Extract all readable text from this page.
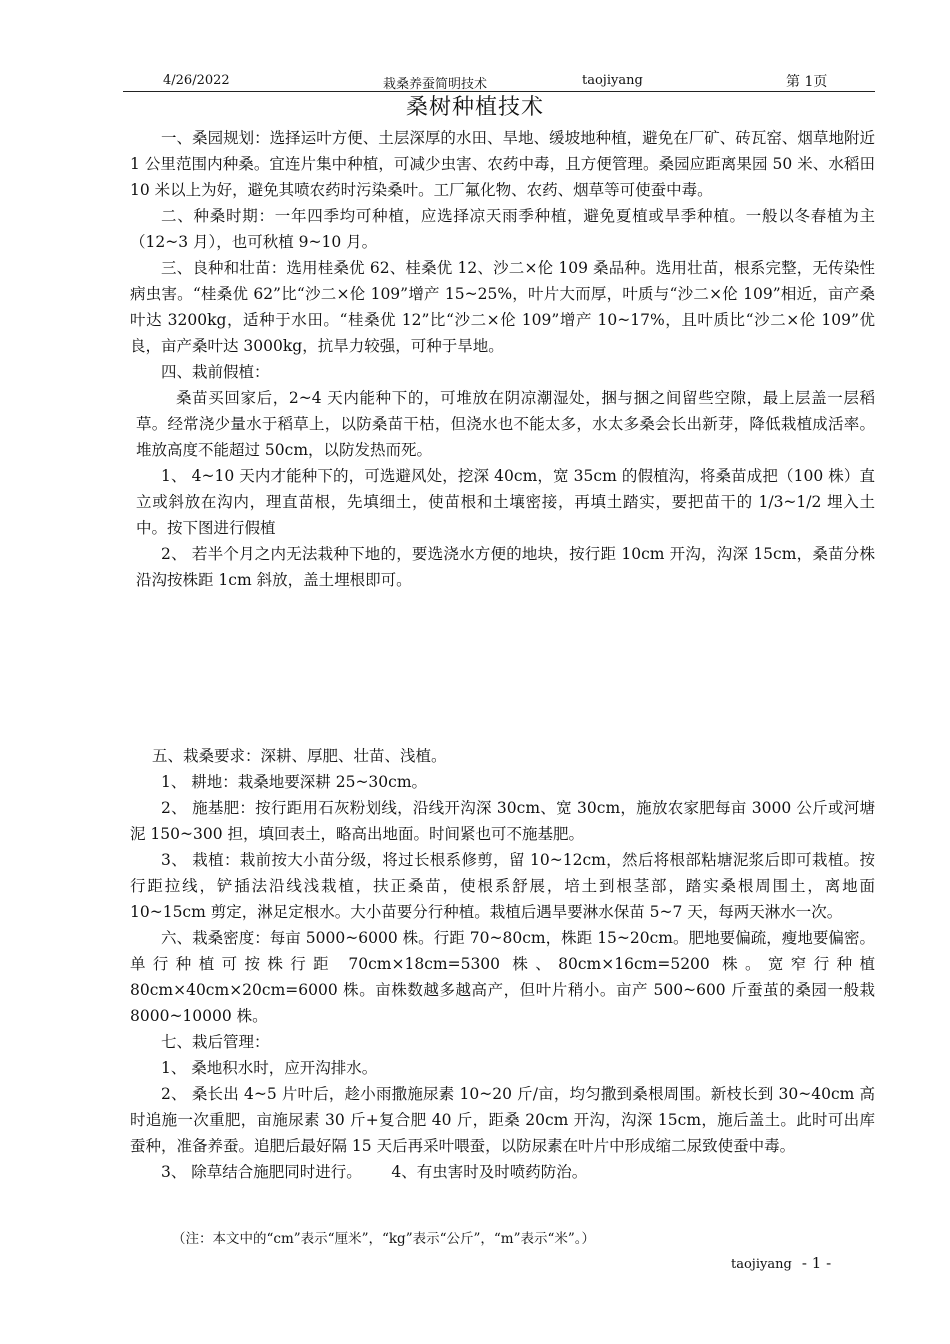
4/26/2022	栽桑养蚕简明技术	taojiyang	第 1页
桑树种植技术

一、桑园规划：选择运叶方便、土层深厚的水田、旱地、缓坡地种植，避免在厂矿、砖瓦窑、烟草地附近 1 公里范围内种桑。宜连片集中种植，可减少虫害、农药中毒，且方便管理。桑园应距离果园 50 米、水稻田 10 米以上为好，避免其喷农药时污染桑叶。工厂氟化物、农药、烟草等可使蚕中毒。

二、种桑时期：一年四季均可种植，应选择凉天雨季种植，避免夏植或旱季种植。一般以冬春植为主（12~3 月），也可秋植 9~10 月。

三、良种和壮苗：选用桂桑优 62、桂桑优 12、沙二×伦 109 桑品种。选用壮苗，根系完整，无传染性病虫害。“桂桑优 62”比“沙二×伦 109”增产 15~25%，叶片大而厚，叶质与“沙二×伦 109”相近，亩产桑叶达 3200kg，适种于水田。“桂桑优 12”比“沙二×伦 109”增产 10~17%，且叶质比“沙二×伦 109”优良，亩产桑叶达 3000kg，抗旱力较强，可种于旱地。

四、栽前假植：

桑苗买回家后，2~4 天内能种下的，可堆放在阴凉潮湿处，捆与捆之间留些空隙，最上层盖一层稻草。经常浇少量水于稻草上，以防桑苗干枯，但浇水也不能太多，水太多桑会长出新芽，降低栽植成活率。堆放高度不能超过 50cm，以防发热而死。

1、 4~10 天内才能种下的，可选避风处，挖深 40cm，宽 35cm 的假植沟，将桑苗成把（100 株）直立或斜放在沟内，理直苗根，先填细土，使苗根和土壤密接，再填土踏实，要把苗干的 1/3~1/2 埋入土中。按下图进行假植

2、 若半个月之内无法栽种下地的，要选浇水方便的地块，按行距 10cm 开沟，沟深 15cm，桑苗分株沿沟按株距 1cm 斜放，盖土埋根即可。

五、栽桑要求：深耕、厚肥、壮苗、浅植。

1、 耕地：栽桑地要深耕 25~30cm。

2、 施基肥：按行距用石灰粉划线，沿线开沟深 30cm、宽 30cm，施放农家肥每亩 3000 公斤或河塘泥 150~300 担，填回表土，略高出地面。时间紧也可不施基肥。

3、 栽植：栽前按大小苗分级，将过长根系修剪，留 10~12cm，然后将根部粘塘泥浆后即可栽植。按行距拉线，铲插法沿线浅栽植，扶正桑苗，使根系舒展，培土到根茎部，踏实桑根周围土，离地面 10~15cm 剪定，淋足定根水。大小苗要分行种植。栽植后遇旱要淋水保苗 5~7 天，每两天淋水一次。

六、栽桑密度：每亩 5000~6000 株。行距 70~80cm，株距 15~20cm。肥地要偏疏，瘦地要偏密。单行种植可按株行距 70cm×18cm=5300 株、80cm×16cm=5200 株。宽窄行种植 80cm×40cm×20cm=6000 株。亩株数越多越高产，但叶片稍小。亩产 500~600 斤蚕茧的桑园一般栽 8000~10000 株。

七、栽后管理：

1、 桑地积水时，应开沟排水。

2、 桑长出 4~5 片叶后，趁小雨撒施尿素 10~20 斤/亩，均匀撒到桑根周围。新枝长到 30~40cm 高时追施一次重肥，亩施尿素 30 斤+复合肥 40 斤，距桑 20cm 开沟，沟深 15cm，施后盖土。此时可出库蚕种，准备养蚕。追肥后最好隔 15 天后再采叶喂蚕，以防尿素在叶片中形成缩二尿致使蚕中毒。

3、 除草结合施肥同时进行。      4、有虫害时及时喷药防治。

（注：本文中的“cm”表示“厘米”，“kg”表示“公斤”，“m”表示“米”。）
taojiyang - 1 -
